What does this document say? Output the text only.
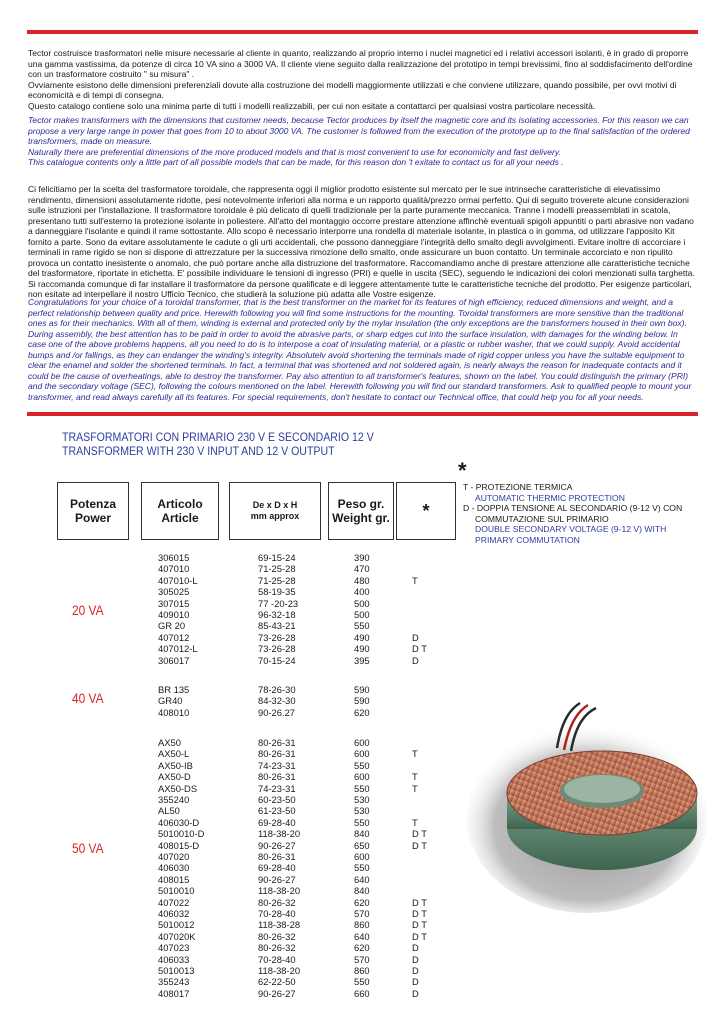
Tector costruisce trasformatori nelle misure necessarie al cliente in quanto, realizzando al proprio interno i nuclei magnetici ed i relativi accessori isolanti, è in grado di proporre una gamma vastissima, da potenze di circa 10 VA sino a 3000 VA. Il cliente viene seguito dalla realizzazione del prototipo in tempi brevissimi, fino al soddisfacimento dell'ordine con un trasformatore costruito " su misura" .

Ovviamente esistono delle dimensioni preferenziali dovute alla costruzione dei modelli maggiormente utilizzati e che conviene utilizzare, quando possibile, per ovvi motivi di economicità e di tempi di consegna.

Questo catalogo contiene solo una minima parte di tutti i modelli realizzabili, per cui non esitate a contattarci per qualsiasi vostra particolare necessità.

Tector makes transformers with the dimensions that customer needs, because Tector produces by itself the magnetic core and its isolating accessories. For this reason we can propose a very large range in power that goes from 10 to about 3000 VA. The customer is followed from the execution of the prototype up to the final satisfaction of the ordered transformers, made on measure.

Naturally there are preferential dimensions of the more produced models and that is most convenient to use for economicity and fast delivery.

This catalogue contents only a little part of all possible models that can be made, for this reason don 't exitate to contact us for all your needs .

Ci felicitiamo per la scelta del trasformatore toroidale, che rappresenta oggi il miglior prodotto esistente sul mercato per le sue intrinseche caratteristiche di elevatissimo rendimento, dimensioni assolutamente ridotte, pesi notevolmente inferiori alla norma e un rapporto qualità/prezzo ormai perfetto. Qui di seguito troverete alcune considerazioni sulle istruzioni per l'installazione. Il trasformatore toroidale è più delicato di quelli tradizionale per la parte puramente meccanica. Tranne i modelli preassemblati in scatola, presentano tutti sull'esterno la protezione isolante in poliestere. All'atto del montaggio occorre prestare attenzione affinchè eventuali spigoli appuntiti o parti abrasive non vadano a danneggiare l'isolante e quindi il rame sottostante. Allo scopo è necessario interporre una rondella di materiale isolante, in plastica o in gomma, od utilizzare l'apposito Kit fornito a parte. Sono da evitare assolutamente le cadute o gli urti accidentali, che possono danneggiare l'integrità dello smalto degli avvolgimenti. Evitare inoltre di accorciare i terminali in rame rigido se non si dispone di attrezzature per la successiva rimozione dello smalto, onde assicurare un buon contatto. Un terminale accorciato e non ripulito provoca un contatto inesistente o anomalo, che può portare anche alla distruzione del trasformatore. Raccomandiamo anche di prestare attenzione alle caratteristiche tecniche del trasformatore, riportate in etichetta. E' possibile individuare le tensioni di ingresso (PRI) e quelle in uscita (SEC), seguendo le indicazioni dei colori menzionati sulla targhetta. Si raccomanda comunque di far installare il trasformatore da persone qualificate e di leggere attentamente tutte le caratteristiche tecniche del prodotto. Per esigenze particolari, non esitate ad interpellare il nostro Ufficio Tecnico, che studierà la soluzione più adatta alle Vostre esigenze.

Congratulations for your choice of a toroidal transformer, that is the best transformer on the market for its features of high efficiency, reduced dimensions and weight, and a perfect relationship between quality and price. Herewith following you will find some instructions for the mounting. Toroidal transformers are more sensitive than the traditional ones as for their mechanics. With all of them, winding is external and protected only by the mylar insulation (the only exceptions are the transformers housed in their own box). During assembly, the best attention has to be paid in order to avoid the abrasive parts, or sharp edges cut into the surface insulation, with damages for the winding below. In case one of the above problems happens, all you need to do is to interpose a coat of insulating material, or a plastic or rubber washer, that we could supply. Avoid accidental bumps and /or fallings, as they can endanger the winding's integrity. Absolutelv avoid shortening the terminals made of rigid copper unless you have the suitable equipment to clear the enamel and solder the shortened terminals. In fact, a terminal that was shortened and not soldered again, is nearly always the reason for inadequate contacts and it could be the cause of overheatings, able to destroy the transformer. Pay also attention to all transformer's features, shown on the label. You could distinguish the primary (PRI) and the secondary voltage (SEC), following the colours mentioned on the label. Herewith following you will find our standard transformers. Ask to qualified people to mount your transformer, and read always carefully all its features. For special requirements, don't hesitate to contact our Technical office, that could help you for all your needs.

TRASFORMATORI CON PRIMARIO 230 V E SECONDARIO 12 V
TRANSFORMER WITH 230 V INPUT AND 12 V OUTPUT
Potenza
Power
Articolo
Article
De x D x H
mm approx
Peso gr.
Weight gr. *
*
T - PROTEZIONE TERMICA
AUTOMATIC THERMIC PROTECTION
D - DOPPIA TENSIONE AL SECONDARIO (9-12 V) CON
COMMUTAZIONE SUL PRIMARIO
DOUBLE SECONDARY VOLTAGE (9-12 V) WITH
PRIMARY COMMUTATION
20 VA
306015	69-15-24	390
407010	71-25-28	470
407010-L	71-25-28	480	T
305025	58-19-35	400
307015	77 -20-23	500
409010	96-32-18	500
GR 20	85-43-21	550
407012	73-26-28	490	D
407012-L	73-26-28	490	D T
306017	70-15-24	395	D
40 VA
BR 135	78-26-30	590
GR40	84-32-30	590
408010	90-26.27	620
50 VA
AX50	80-26-31	600
AX50-L	80-26-31	600	T
AX50-IB	74-23-31	550
AX50-D	80-26-31	600	T
AX50-DS	74-23-31	550	T
355240	60-23-50	530
AL50	61-23-50	530
406030-D	69-28-40	550	T
5010010-D	118-38-20	840	D T
408015-D	90-26-27	650	D T
407020	80-26-31	600
406030	69-28-40	550
408015	90-26-27	640
5010010	118-38-20	840
407022	80-26-32	620	D T
406032	70-28-40	570	D T
5010012	118-38-28	860	D T
407020K	80-26-32	640	D T
407023	80-26-32	620	D
406033	70-28-40	570	D
5010013	118-38-20	860	D
355243	62-22-50	550	D
408017	90-26-27	660	D
